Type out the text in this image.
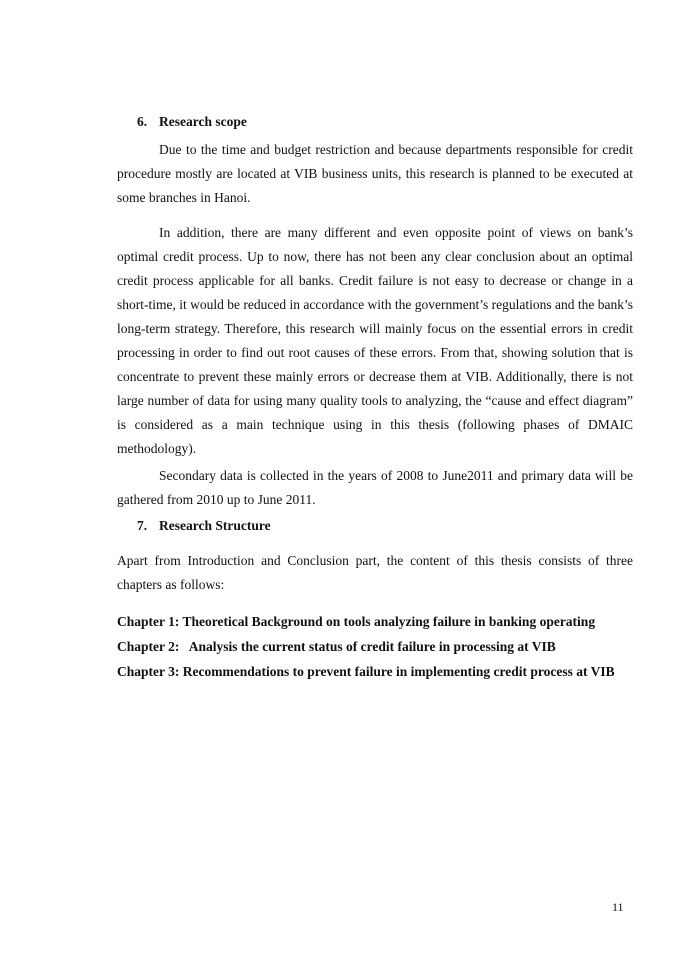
6. Research scope

Due to the time and budget restriction and because departments responsible for credit procedure mostly are located at VIB business units, this research is planned to be executed at some branches in Hanoi.

In addition, there are many different and even opposite point of views on bank’s optimal credit process. Up to now, there has not been any clear conclusion about an optimal credit process applicable for all banks. Credit failure is not easy to decrease or change in a short-time, it would be reduced in accordance with the government’s regulations and the bank’s long-term strategy. Therefore, this research will mainly focus on the essential errors in credit processing in order to find out root causes of these errors. From that, showing solution that is concentrate to prevent these mainly errors or decrease them at VIB. Additionally, there is not large number of data for using many quality tools to analyzing, the “cause and effect diagram” is considered as a main technique using in this thesis (following phases of DMAIC methodology).

Secondary data is collected in the years of 2008 to June2011 and primary data will be gathered from 2010 up to June 2011.

7. Research Structure

Apart from Introduction and Conclusion part, the content of this thesis consists of three chapters as follows:

Chapter 1: Theoretical Background on tools analyzing failure in banking operating

Chapter 2:   Analysis the current status of credit failure in processing at VIB

Chapter 3: Recommendations to prevent failure in implementing credit process at VIB

11
